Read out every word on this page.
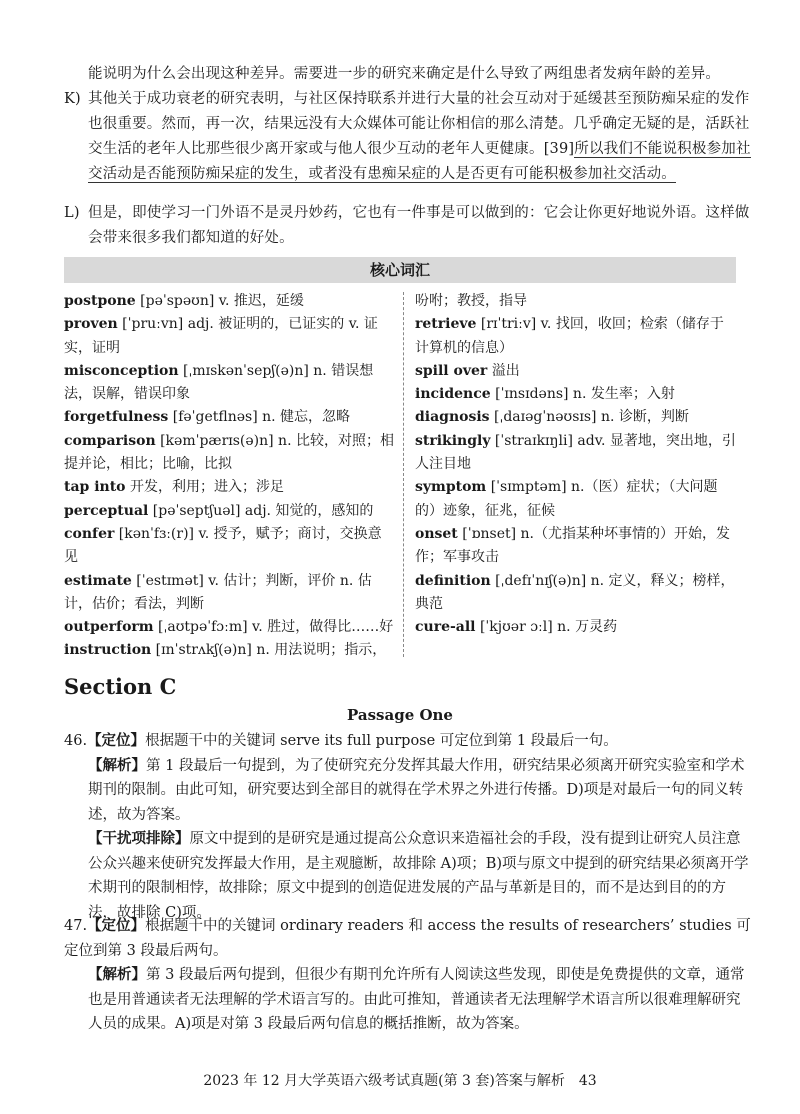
能说明为什么会出现这种差异。需要进一步的研究来确定是什么导致了两组患者发病年龄的差异。
K) 其他关于成功衰老的研究表明，与社区保持联系并进行大量的社会互动对于延缓甚至预防痴呆症的发作也很重要。然而，再一次，结果远没有大众媒体可能让你相信的那么清楚。几乎确定无疑的是，活跃社交生活的老年人比那些很少离开家或与他人很少互动的老年人更健康。[39]所以我们不能说积极参加社交活动是否能预防痴呆症的发生，或者没有患痴呆症的人是否更有可能积极参加社交活动。
L) 但是，即使学习一门外语不是灵丹妙药，它也有一件事是可以做到的：它会让你更好地说外语。这样做会带来很多我们都知道的好处。
核心词汇
postpone [pəˈspəʊn] v. 推迟，延缓
proven [ˈpruːvn] adj. 被证明的，已证实的 v. 证实，证明
misconception [ˌmɪskənˈsepʃ(ə)n] n. 错误想法，误解，错误印象
forgetfulness [fəˈgetflnəs] n. 健忘，忽略
comparison [kəmˈpærɪs(ə)n] n. 比较，对照；相提并论，相比；比喻，比拟
tap into 开发，利用；进入；涉足
perceptual [pəˈseptʃuəl] adj. 知觉的，感知的
confer [kənˈfɜː(r)] v. 授予，赋予；商讨，交换意见
estimate [ˈestɪmət] v. 估计；判断，评价 n. 估计，估价；看法，判断
outperform [ˌaʊtpəˈfɔːm] v. 胜过，做得比……好
instruction [ɪnˈstrʌkʃ(ə)n] n. 用法说明；指示，
吩咐；教授，指导
retrieve [rɪˈtriːv] v. 找回，收回；检索（储存于计算机的信息）
spill over 溢出
incidence [ˈɪnsɪdəns] n. 发生率；入射
diagnosis [ˌdaɪəgˈnəʊsɪs] n. 诊断，判断
strikingly [ˈstraɪkɪŋli] adv. 显著地，突出地，引人注目地
symptom [ˈsɪmptəm] n.（医）症状；（大问题的）迹象，征兆，征候
onset [ˈɒnset] n.（尤指某种坏事情的）开始，发作；军事攻击
definition [ˌdefɪˈnɪʃ(ə)n] n. 定义，释义；榜样，典范
cure-all [ˈkjʊər ɔːl] n. 万灵药
Section C
Passage One
46.【定位】根据题干中的关键词 serve its full purpose 可定位到第 1 段最后一句。
【解析】第 1 段最后一句提到，为了使研究充分发挥其最大作用，研究结果必须离开研究实验室和学术期刊的限制。由此可知，研究要达到全部目的就得在学术界之外进行传播。D)项是对最后一句的同义转述，故为答案。
【干扰项排除】原文中提到的是研究是通过提高公众意识来造福社会的手段，没有提到让研究人员注意公众兴趣来使研究发挥最大作用，是主观臆断，故排除 A)项；B)项与原文中提到的研究结果必须离开学术期刊的限制相悖，故排除；原文中提到的创造促进发展的产品与革新是目的，而不是达到目的的方法，故排除 C)项。
47.【定位】根据题干中的关键词 ordinary readers 和 access the results of researchers’ studies 可定位到第 3 段最后两句。
【解析】第 3 段最后两句提到，但很少有期刊允许所有人阅读这些发现，即使是免费提供的文章，通常也是用普通读者无法理解的学术语言写的。由此可推知，普通读者无法理解学术语言所以很难理解研究人员的成果。A)项是对第 3 段最后两句信息的概括推断，故为答案。
2023 年 12 月大学英语六级考试真题(第 3 套)答案与解析　43
